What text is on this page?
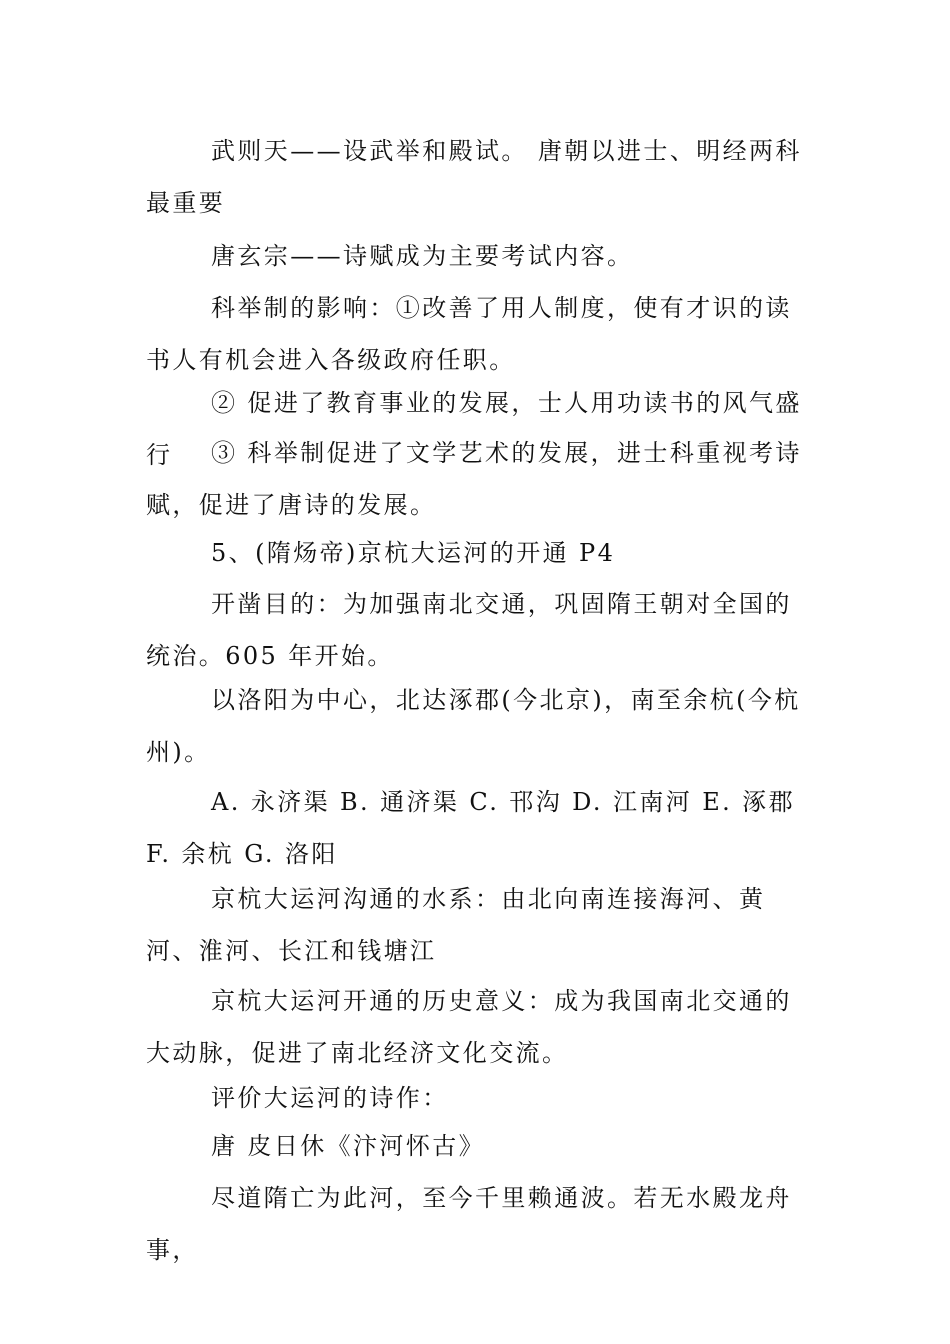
武则天——设武举和殿试。 唐朝以进士、明经两科最重要

唐玄宗——诗赋成为主要考试内容。

科举制的影响：①改善了用人制度，使有才识的读书人有机会进入各级政府任职。

② 促进了教育事业的发展，士人用功读书的风气盛行	③ 科举制促进了文学艺术的发展，进士科重视考诗赋，促进了唐诗的发展。

5、(隋炀帝)京杭大运河的开通 P4

开凿目的：为加强南北交通，巩固隋王朝对全国的统治。605 年开始。

以洛阳为中心，北达涿郡(今北京)，南至余杭(今杭州)。

A. 永济渠 B. 通济渠 C. 邗沟 D. 江南河 E. 涿郡 F. 余杭 G. 洛阳

京杭大运河沟通的水系：由北向南连接海河、黄河、淮河、长江和钱塘江

京杭大运河开通的历史意义：成为我国南北交通的大动脉，促进了南北经济文化交流。

评价大运河的诗作：

唐 皮日休《汴河怀古》

尽道隋亡为此河，至今千里赖通波。若无水殿龙舟事，
